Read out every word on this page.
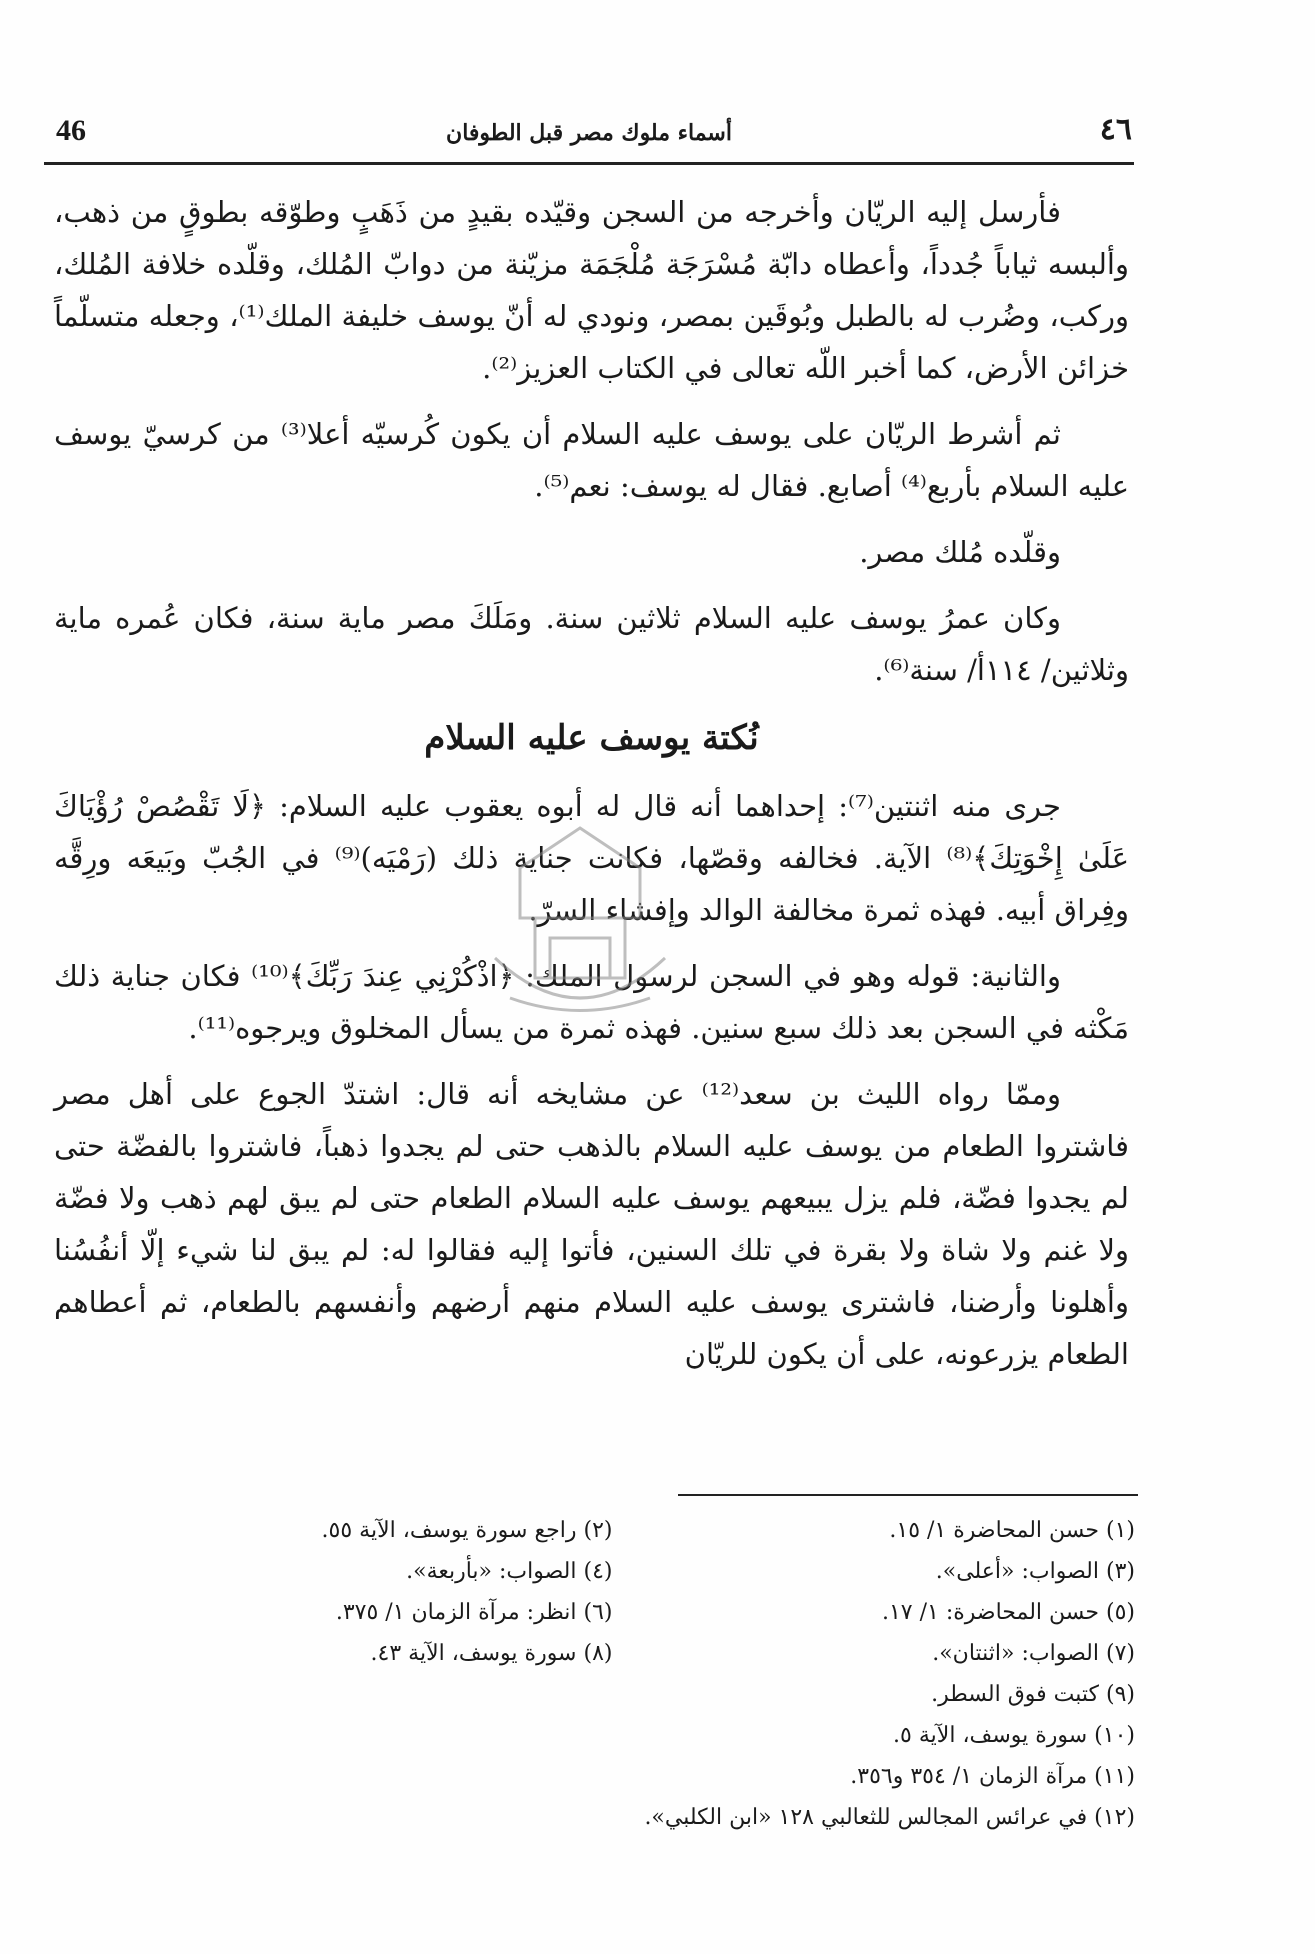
46	أسماء ملوك مصر قبل الطوفان	٤٦

فأرسل إليه الريّان وأخرجه من السجن وقيّده بقيدٍ من ذَهَبٍ وطوّقه بطوقٍ من ذهب، وألبسه ثياباً جُدداً، وأعطاه دابّة مُسْرَجَة مُلْجَمَة مزيّنة من دوابّ المُلك، وقلّده خلافة المُلك، وركب، وضُرب له بالطبل وبُوقَين بمصر، ونودي له أنّ يوسف خليفة الملك⁽¹⁾، وجعله متسلّماً خزائن الأرض، كما أخبر اللّه تعالى في الكتاب العزيز⁽²⁾.

ثم أشرط الريّان على يوسف عليه السلام أن يكون كُرسيّه أعلا⁽³⁾ من كرسيّ يوسف عليه السلام بأربع⁽⁴⁾ أصابع. فقال له يوسف: نعم⁽⁵⁾.

وقلّده مُلك مصر.

وكان عمرُ يوسف عليه السلام ثلاثين سنة. ومَلَكَ مصر ماية سنة، فكان عُمره ماية وثلاثين/ ١١٤أ/ سنة⁽⁶⁾.

نُكتة يوسف عليه السلام

جرى منه اثنتين⁽⁷⁾: إحداهما أنه قال له أبوه يعقوب عليه السلام: ﴿لَا تَقْصُصْ رُؤْيَاكَ عَلَىٰ إِخْوَتِكَ﴾⁽⁸⁾ الآية. فخالفه وقصّها، فكانت جناية ذلك (رَمْيَه)⁽⁹⁾ في الجُبّ وبَيعَه ورِقَّه وفِراق أبيه. فهذه ثمرة مخالفة الوالد وإفشاء السرّ.

والثانية: قوله وهو في السجن لرسول الملك: ﴿اذْكُرْنِي عِندَ رَبِّكَ﴾⁽¹⁰⁾ فكان جناية ذلك مَكْثه في السجن بعد ذلك سبع سنين. فهذه ثمرة من يسأل المخلوق ويرجوه⁽¹¹⁾.

وممّا رواه الليث بن سعد⁽¹²⁾ عن مشايخه أنه قال: اشتدّ الجوع على أهل مصر فاشتروا الطعام من يوسف عليه السلام بالذهب حتى لم يجدوا ذهباً، فاشتروا بالفضّة حتى لم يجدوا فضّة، فلم يزل يبيعهم يوسف عليه السلام الطعام حتى لم يبق لهم ذهب ولا فضّة ولا غنم ولا شاة ولا بقرة في تلك السنين، فأتوا إليه فقالوا له: لم يبق لنا شيء إلّا أنفُسُنا وأهلونا وأرضنا، فاشترى يوسف عليه السلام منهم أرضهم وأنفسهم بالطعام، ثم أعطاهم الطعام يزرعونه، على أن يكون للريّان

(١) حسن المحاضرة ١/ ١٥.
(٢) راجع سورة يوسف، الآية ٥٥.
(٣) الصواب: «أعلى».
(٤) الصواب: «بأربعة».
(٥) حسن المحاضرة: ١/ ١٧.
(٦) انظر: مرآة الزمان ١/ ٣٧٥.
(٧) الصواب: «اثنتان».
(٨) سورة يوسف، الآية ٤٣.
(٩) كتبت فوق السطر.
(١٠) سورة يوسف، الآية ٥.
(١١) مرآة الزمان ١/ ٣٥٤ و٣٥٦.
(١٢) في عرائس المجالس للثعالبي ١٢٨ «ابن الكلبي».
